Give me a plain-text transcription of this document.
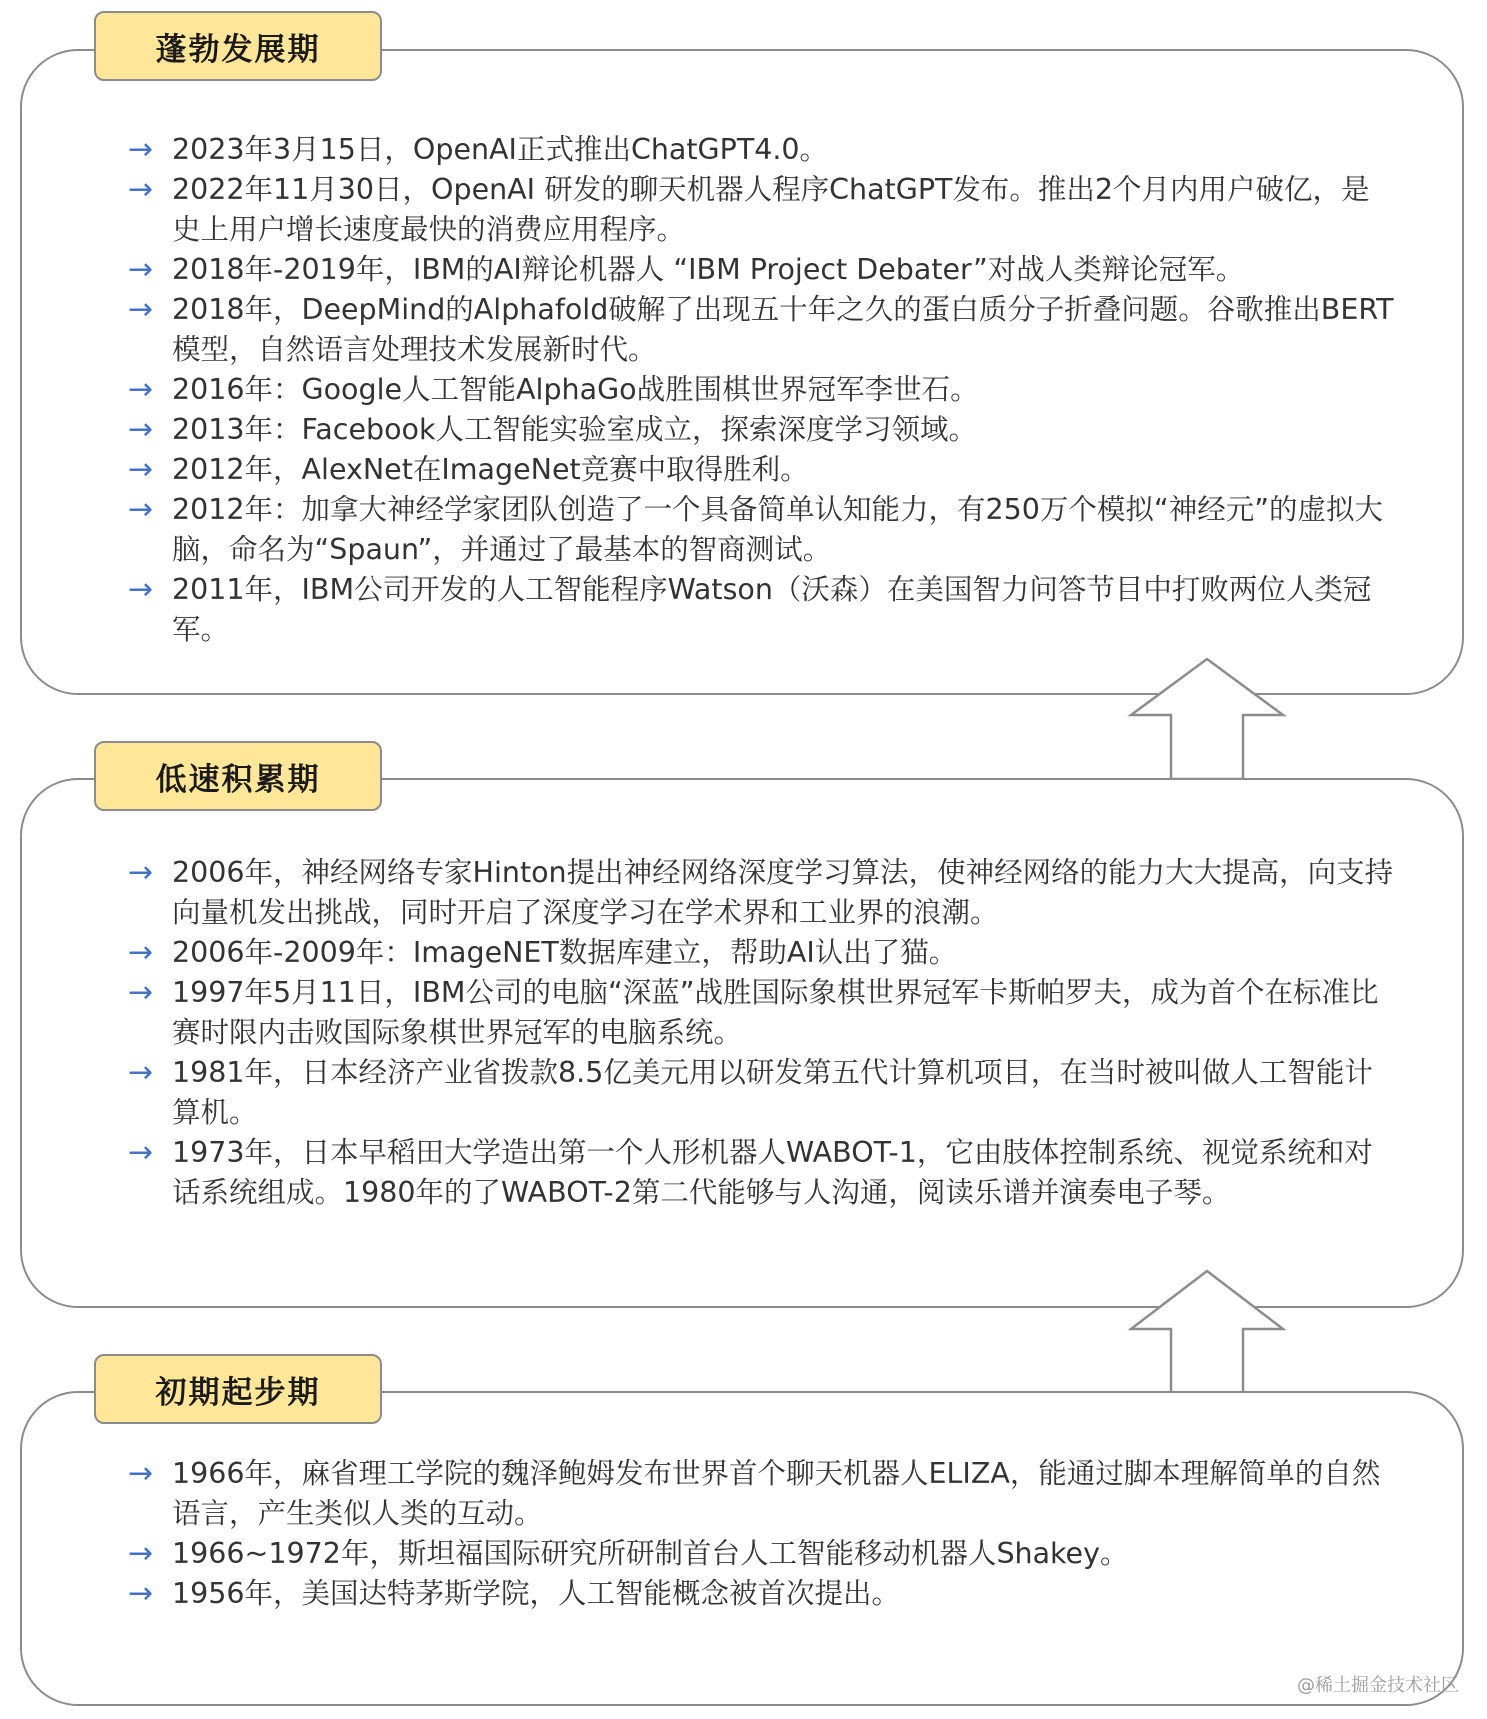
蓬勃发展期
→ 2023年3月15日，OpenAI正式推出ChatGPT4.0。
→ 2022年11月30日，OpenAI 研发的聊天机器人程序ChatGPT发布。推出2个月内用户破亿，是史上用户增长速度最快的消费应用程序。
→ 2018年-2019年，IBM的AI辩论机器人 “IBM Project Debater”对战人类辩论冠军。
→ 2018年，DeepMind的Alphafold破解了出现五十年之久的蛋白质分子折叠问题。谷歌推出BERT模型，自然语言处理技术发展新时代。
→ 2016年：Google人工智能AlphaGo战胜围棋世界冠军李世石。
→ 2013年：Facebook人工智能实验室成立，探索深度学习领域。
→ 2012年，AlexNet在ImageNet竞赛中取得胜利。
→ 2012年：加拿大神经学家团队创造了一个具备简单认知能力，有250万个模拟“神经元”的虚拟大脑，命名为“Spaun”，并通过了最基本的智商测试。
→ 2011年，IBM公司开发的人工智能程序Watson（沃森）在美国智力问答节目中打败两位人类冠军。
低速积累期
→ 2006年，神经网络专家Hinton提出神经网络深度学习算法，使神经网络的能力大大提高，向支持向量机发出挑战，同时开启了深度学习在学术界和工业界的浪潮。
→ 2006年-2009年：ImageNET数据库建立，帮助AI认出了猫。
→ 1997年5月11日，IBM公司的电脑“深蓝”战胜国际象棋世界冠军卡斯帕罗夫，成为首个在标准比赛时限内击败国际象棋世界冠军的电脑系统。
→ 1981年，日本经济产业省拨款8.5亿美元用以研发第五代计算机项目，在当时被叫做人工智能计算机。
→ 1973年，日本早稻田大学造出第一个人形机器人WABOT-1，它由肢体控制系统、视觉系统和对话系统组成。1980年的了WABOT-2第二代能够与人沟通，阅读乐谱并演奏电子琴。
初期起步期
→ 1966年，麻省理工学院的魏泽鲍姆发布世界首个聊天机器人ELIZA，能通过脚本理解简单的自然语言，产生类似人类的互动。
→ 1966~1972年，斯坦福国际研究所研制首台人工智能移动机器人Shakey。
→ 1956年，美国达特茅斯学院，人工智能概念被首次提出。
@稀土掘金技术社区
